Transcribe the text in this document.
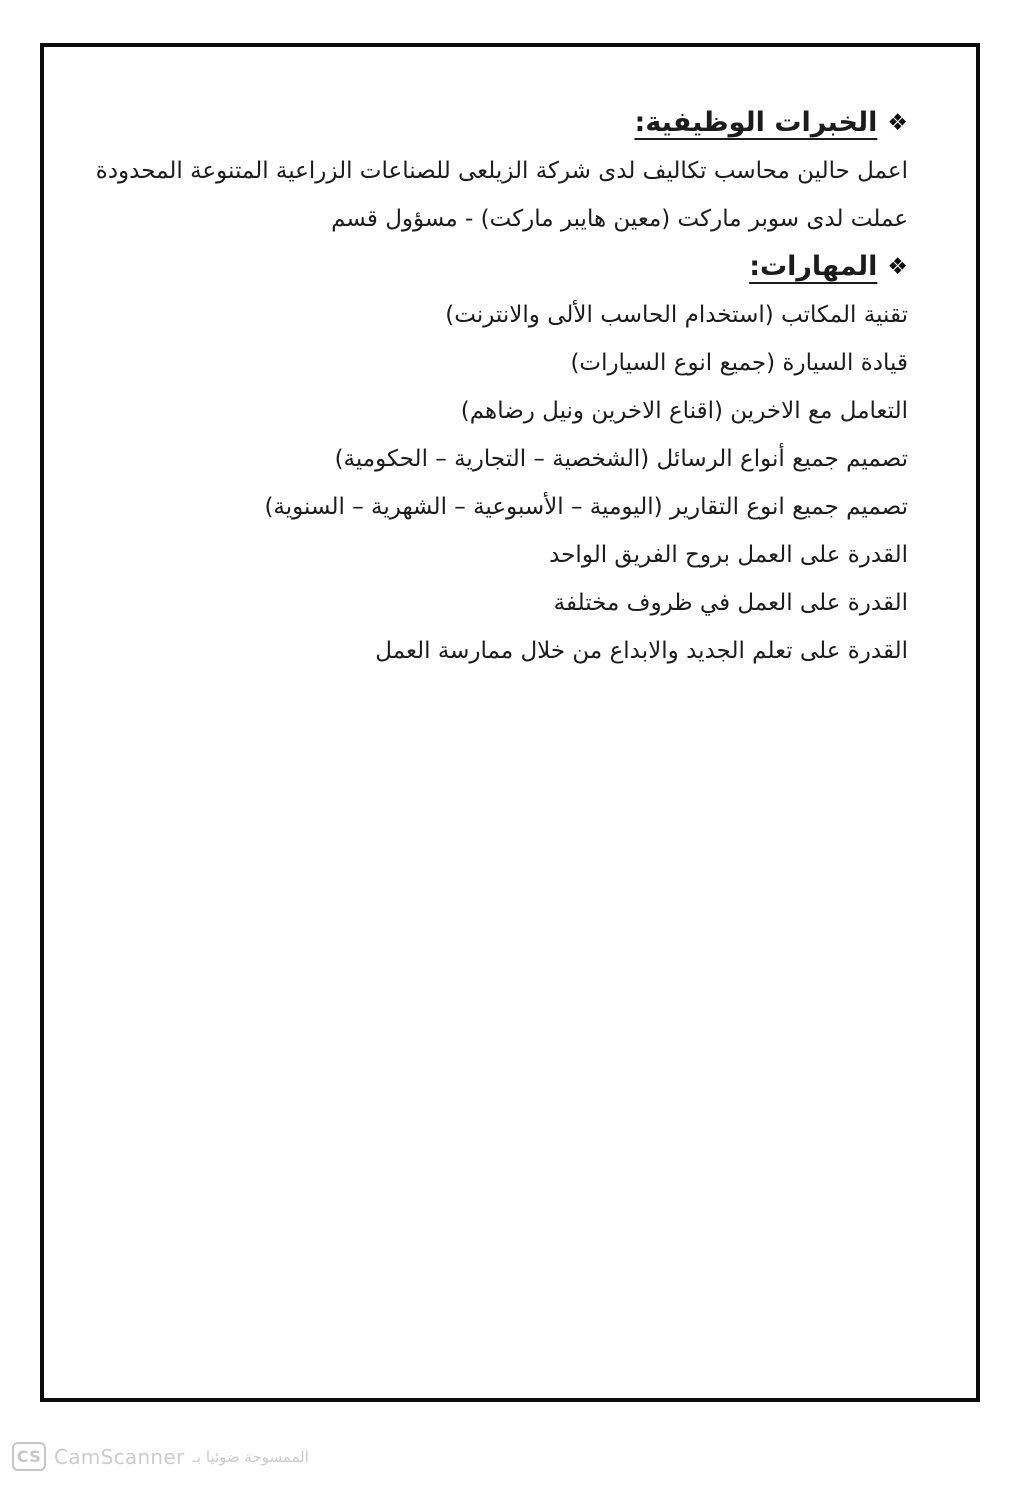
❖
الخبرات الوظيفية:
اعمل حالين محاسب تكاليف لدى شركة الزيلعى للصناعات الزراعية المتنوعة المحدودة
عملت لدى سوبر ماركت (معين هايبر ماركت) - مسؤول قسم
❖
المهارات:
تقنية المكاتب (استخدام الحاسب الألى والانترنت)
قيادة السيارة (جميع انوع السيارات)
التعامل مع الاخرين (اقناع الاخرين ونيل رضاهم)
تصميم جميع أنواع الرسائل (الشخصية – التجارية – الحكومية)
تصميم جميع انوع التقارير (اليومية – الأسبوعية – الشهرية – السنوية)
القدرة على العمل بروح الفريق الواحد
القدرة على العمل في ظروف مختلفة
القدرة على تعلم الجديد والابداع من خلال ممارسة العمل
CS CamScanner الممسوحة ضوئيا بـ
